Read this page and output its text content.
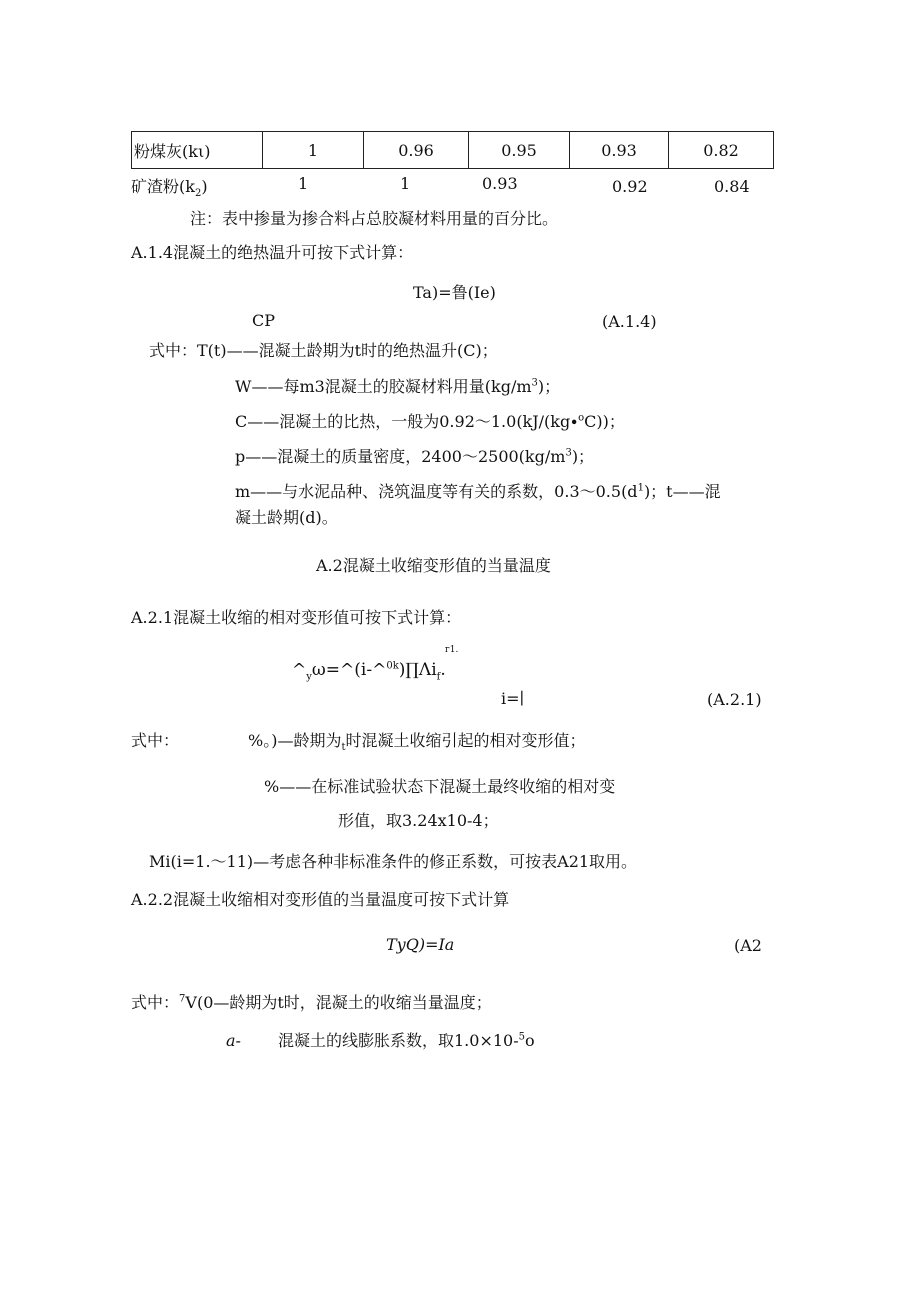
粉煤灰(kι)	1	0.96	0.95	0.93	0.82
矿渣粉$(k_2)$	1	1	0.93	0.92	0.84
注：表中掺量为掺合料占总胶凝材料用量的百分比。
A.1.4混凝土的绝热温升可按下式计算：
Ta)=鲁(Ie)
CP	(A.1.4)
式中：T(t)——混凝土龄期为t时的绝热温升(C)；
W——每m3混凝土的胶凝材料用量$(kg∕m^3)$；
C——混凝土的比热，一般为0.92～1.0(kJ/(kg∙$^o$C))；
p——混凝土的质量密度，$2400\sim 2500(kg∕m^3)$；
m——与水泥品种、浇筑温度等有关的系数，$0.3\sim 0.5(d^1)$；t——混
凝土龄期(d)。
A.2混凝土收缩变形值的当量温度
A.2.1混凝土收缩的相对变形值可按下式计算：
г1.
$\^{}_y\omega=\^{}(i-\^{}^{0k})\prod\Lambda i_f$.
i=∣	(A.2.1)
式中：	%。)—龄期为$_t$时混凝土收缩引起的相对变形值；
%——在标准试验状态下混凝土最终收缩的相对变
形值，取3.24x10-4；
Mi(i=1.～11)—考虑各种非标准条件的修正系数，可按表A21取用。
A.2.2混凝土收缩相对变形值的当量温度可按下式计算
TyQ)=Ia	(A2
式中：$^7$V(0—龄期为t时，混凝土的收缩当量温度；
a- 混凝土的线膨胀系数，取1.0×10-$^5$o
